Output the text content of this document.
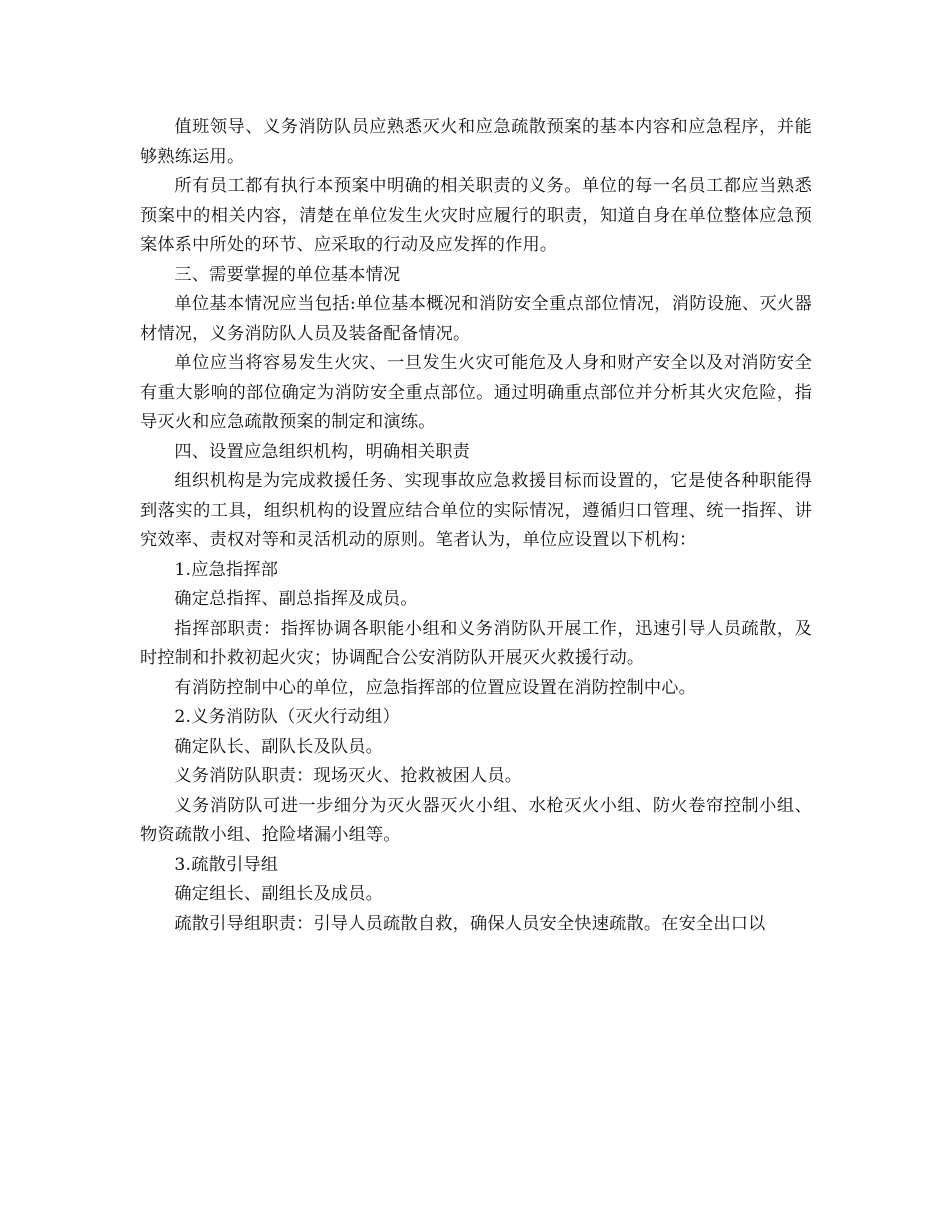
值班领导、义务消防队员应熟悉灭火和应急疏散预案的基本内容和应急程序，并能够熟练运用。

所有员工都有执行本预案中明确的相关职责的义务。单位的每一名员工都应当熟悉预案中的相关内容，清楚在单位发生火灾时应履行的职责，知道自身在单位整体应急预案体系中所处的环节、应采取的行动及应发挥的作用。

三、需要掌握的单位基本情况

单位基本情况应当包括:单位基本概况和消防安全重点部位情况，消防设施、灭火器材情况，义务消防队人员及装备配备情况。

单位应当将容易发生火灾、一旦发生火灾可能危及人身和财产安全以及对消防安全有重大影响的部位确定为消防安全重点部位。通过明确重点部位并分析其火灾危险，指导灭火和应急疏散预案的制定和演练。

四、设置应急组织机构，明确相关职责

组织机构是为完成救援任务、实现事故应急救援目标而设置的，它是使各种职能得到落实的工具，组织机构的设置应结合单位的实际情况，遵循归口管理、统一指挥、讲究效率、责权对等和灵活机动的原则。笔者认为，单位应设置以下机构：

1.应急指挥部

确定总指挥、副总指挥及成员。

指挥部职责：指挥协调各职能小组和义务消防队开展工作，迅速引导人员疏散，及时控制和扑救初起火灾；协调配合公安消防队开展灭火救援行动。

有消防控制中心的单位，应急指挥部的位置应设置在消防控制中心。

2.义务消防队（灭火行动组）

确定队长、副队长及队员。

义务消防队职责：现场灭火、抢救被困人员。

义务消防队可进一步细分为灭火器灭火小组、水枪灭火小组、防火卷帘控制小组、物资疏散小组、抢险堵漏小组等。

3.疏散引导组

确定组长、副组长及成员。

疏散引导组职责：引导人员疏散自救，确保人员安全快速疏散。在安全出口以
